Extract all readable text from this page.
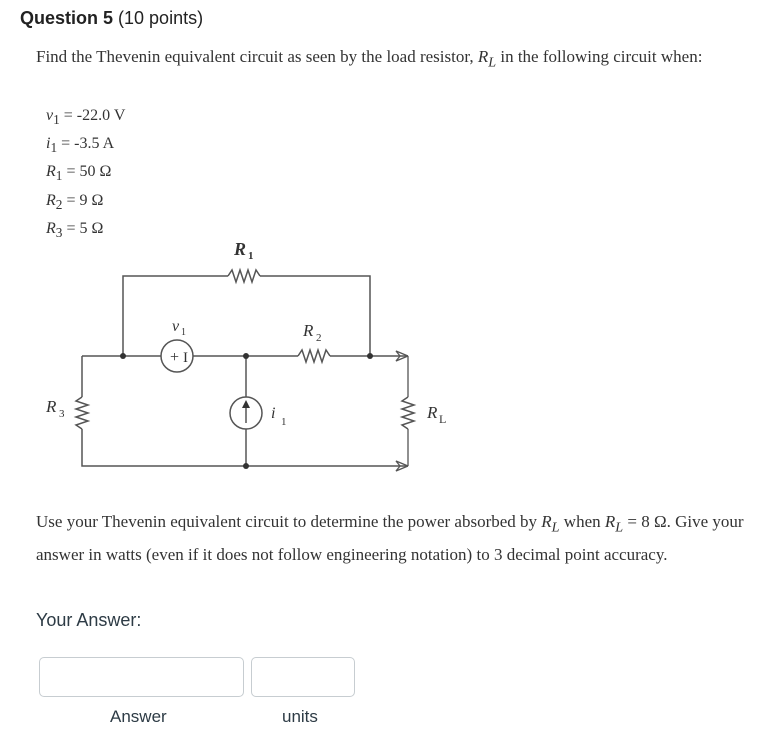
Question 5 (10 points)
Find the Thevenin equivalent circuit as seen by the load resistor, $R_L$ in the following circuit when:
$v_1 = -22.0$ V
$i_1 = -3.5$ A
$R_1 = 50$ Ω
$R_2 = 9$ Ω
$R_3 = 5$ Ω
+ I
R 1
R 2
R 3	R L
v 1
i 1
Use your Thevenin equivalent circuit to determine the power absorbed by $R_L$ when $R_L = 8$ Ω. Give your answer in watts (even if it does not follow engineering notation) to 3 decimal point accuracy.
Your Answer:
Answer	units
